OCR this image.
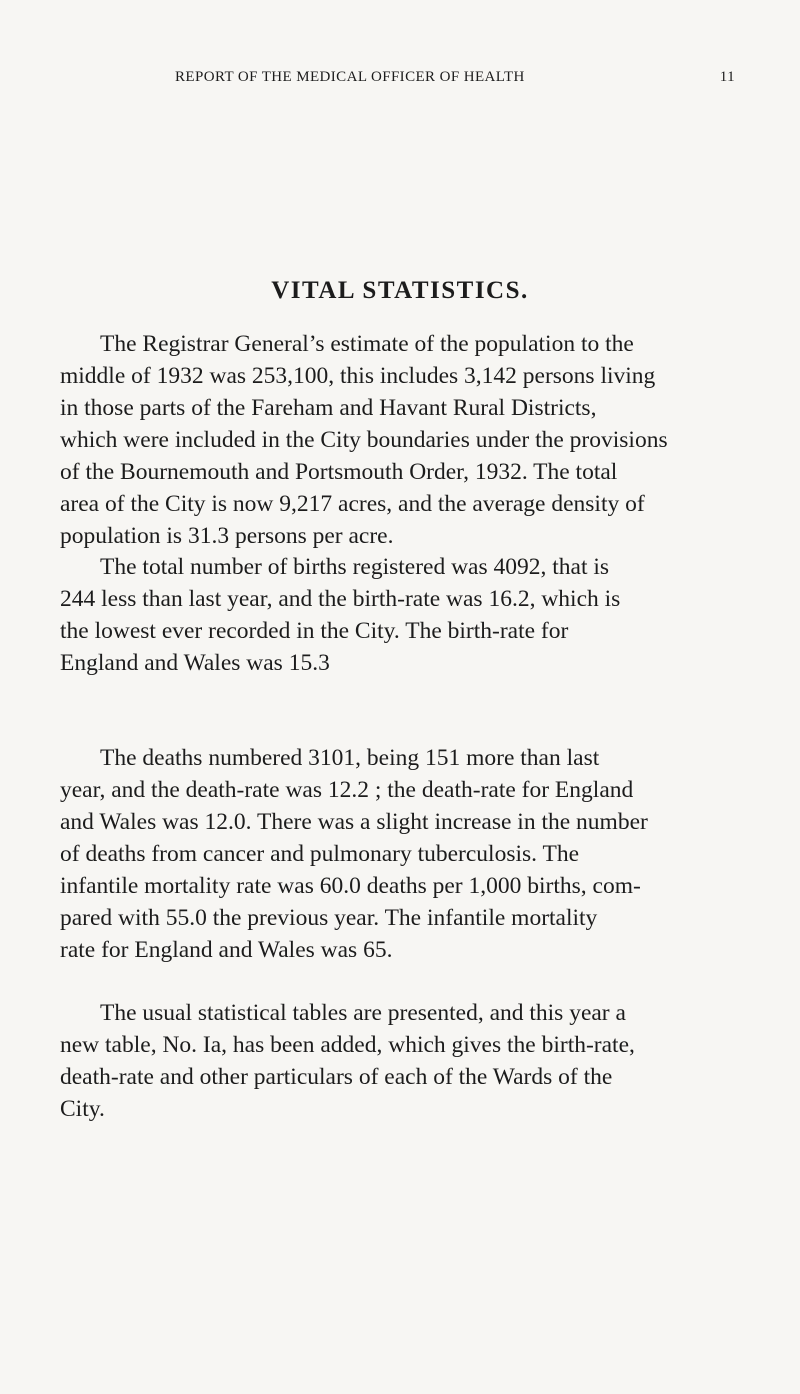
REPORT OF THE MEDICAL OFFICER OF HEALTH	11
VITAL STATISTICS.
The Registrar General’s estimate of the population to the
middle of 1932 was 253,100, this includes 3,142 persons living
in those parts of the Fareham and Havant Rural Districts,
which were included in the City boundaries under the provisions
of the Bournemouth and Portsmouth Order, 1932. The total
area of the City is now 9,217 acres, and the average density of
population is 31.3 persons per acre.
The total number of births registered was 4092, that is
244 less than last year, and the birth-rate was 16.2, which is
the lowest ever recorded in the City. The birth-rate for
England and Wales was 15.3
The deaths numbered 3101, being 151 more than last
year, and the death-rate was 12.2 ; the death-rate for England
and Wales was 12.0. There was a slight increase in the number
of deaths from cancer and pulmonary tuberculosis. The
infantile mortality rate was 60.0 deaths per 1,000 births, com-
pared with 55.0 the previous year. The infantile mortality
rate for England and Wales was 65.
The usual statistical tables are presented, and this year a
new table, No. Ia, has been added, which gives the birth-rate,
death-rate and other particulars of each of the Wards of the
City.
